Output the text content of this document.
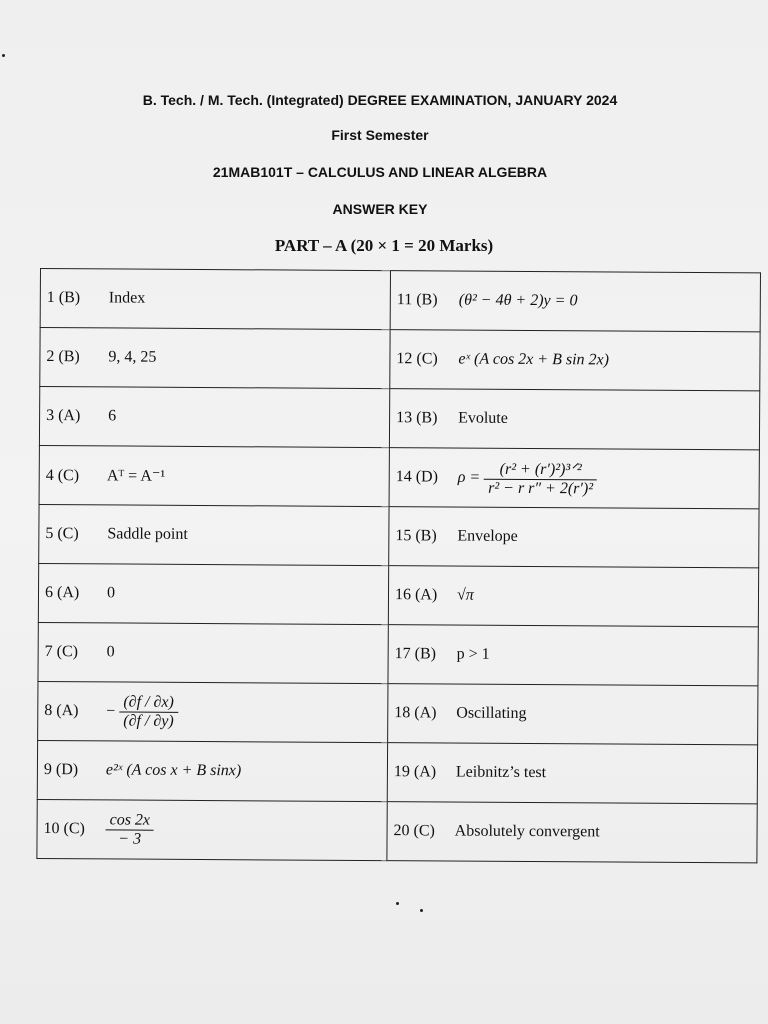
B. Tech. / M. Tech. (Integrated) DEGREE EXAMINATION, JANUARY 2024
First Semester
21MAB101T – CALCULUS AND LINEAR ALGEBRA
ANSWER KEY
PART – A (20 × 1 = 20 Marks)
1 (B) Index	11 (B) (θ² − 4θ + 2)y = 0
2 (B) 9, 4, 25	12 (C) eˣ (A cos 2x + B sin 2x)
3 (A) 6	13 (B) Evolute
4 (C) Aᵀ = A⁻¹	14 (D) $\rho = \frac{\text{(r² + (r′)²)³ᐟ²}}{\text{r² − r r″ + 2(r′)²}}$

5 (C) Saddle point	15 (B) Envelope
6 (A) 0	16 (A) √π
7 (C) 0	17 (B) p > 1
8 $(A) - \frac{(\partial f / \partial x)}{(\partial f / \partial y)}$	18 (A) Oscillating
9 (D) e²ˣ (A cos x + B sinx)	19 (A) Leibnitz’s test
10 $(C) \frac{\cos 2x}{- 3}$	20 (C) Absolutely convergent
